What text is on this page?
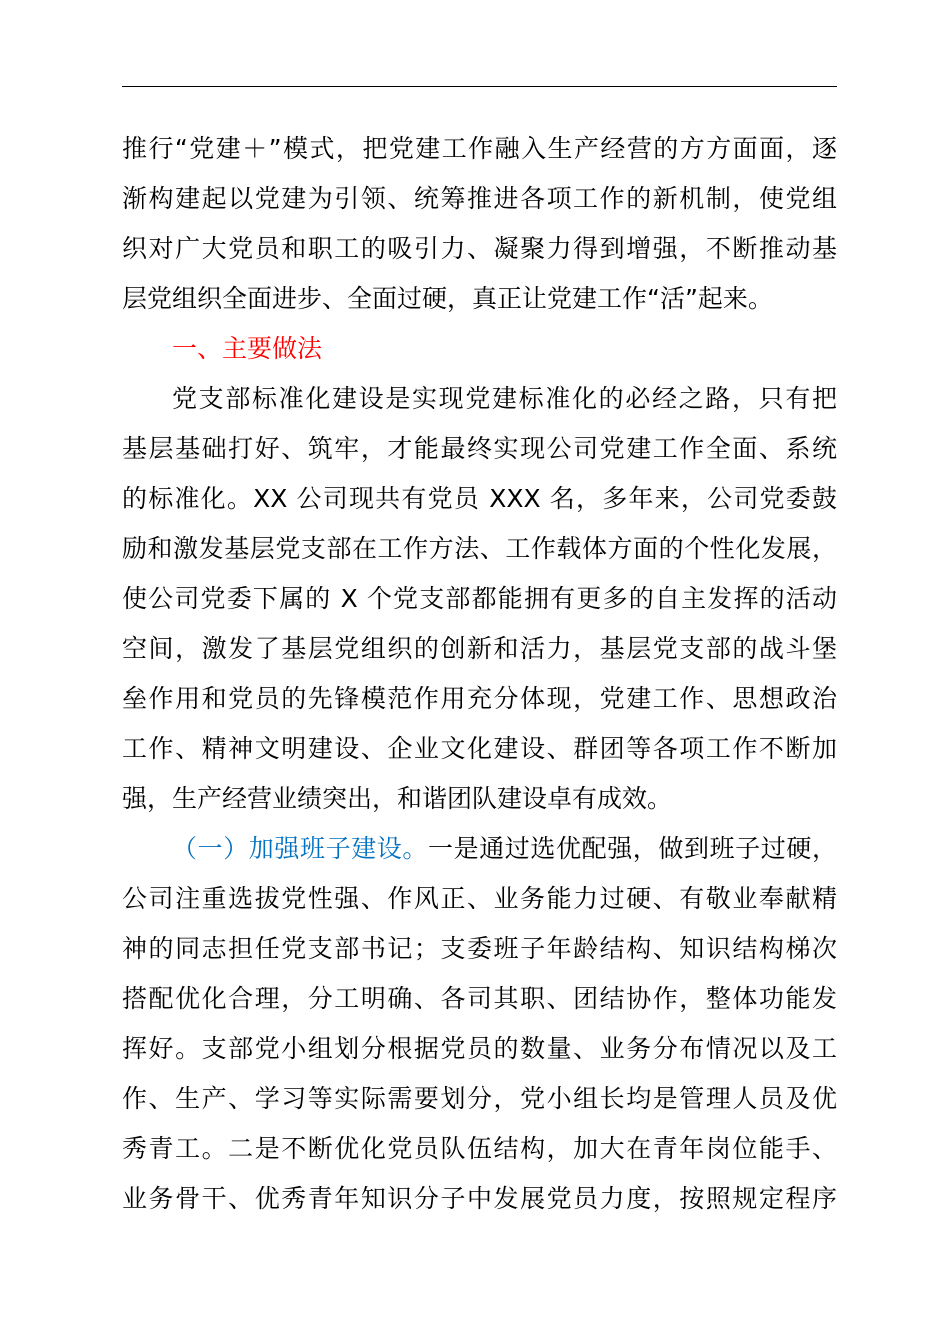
推行“党建＋”模式，把党建工作融入生产经营的方方面面，逐
渐构建起以党建为引领、统筹推进各项工作的新机制，使党组
织对广大党员和职工的吸引力、凝聚力得到增强，不断推动基
层党组织全面进步、全面过硬，真正让党建工作“活”起来。
一、主要做法
党支部标准化建设是实现党建标准化的必经之路，只有把
基层基础打好、筑牢，才能最终实现公司党建工作全面、系统
的标准化。XX 公司现共有党员 XXX 名，多年来，公司党委鼓
励和激发基层党支部在工作方法、工作载体方面的个性化发展，
使公司党委下属的 X 个党支部都能拥有更多的自主发挥的活动
空间，激发了基层党组织的创新和活力，基层党支部的战斗堡
垒作用和党员的先锋模范作用充分体现，党建工作、思想政治
工作、精神文明建设、企业文化建设、群团等各项工作不断加
强，生产经营业绩突出，和谐团队建设卓有成效。
（一）加强班子建设。一是通过选优配强，做到班子过硬，
公司注重选拔党性强、作风正、业务能力过硬、有敬业奉献精
神的同志担任党支部书记；支委班子年龄结构、知识结构梯次
搭配优化合理，分工明确、各司其职、团结协作，整体功能发
挥好。支部党小组划分根据党员的数量、业务分布情况以及工
作、生产、学习等实际需要划分，党小组长均是管理人员及优
秀青工。二是不断优化党员队伍结构，加大在青年岗位能手、
业务骨干、优秀青年知识分子中发展党员力度，按照规定程序
